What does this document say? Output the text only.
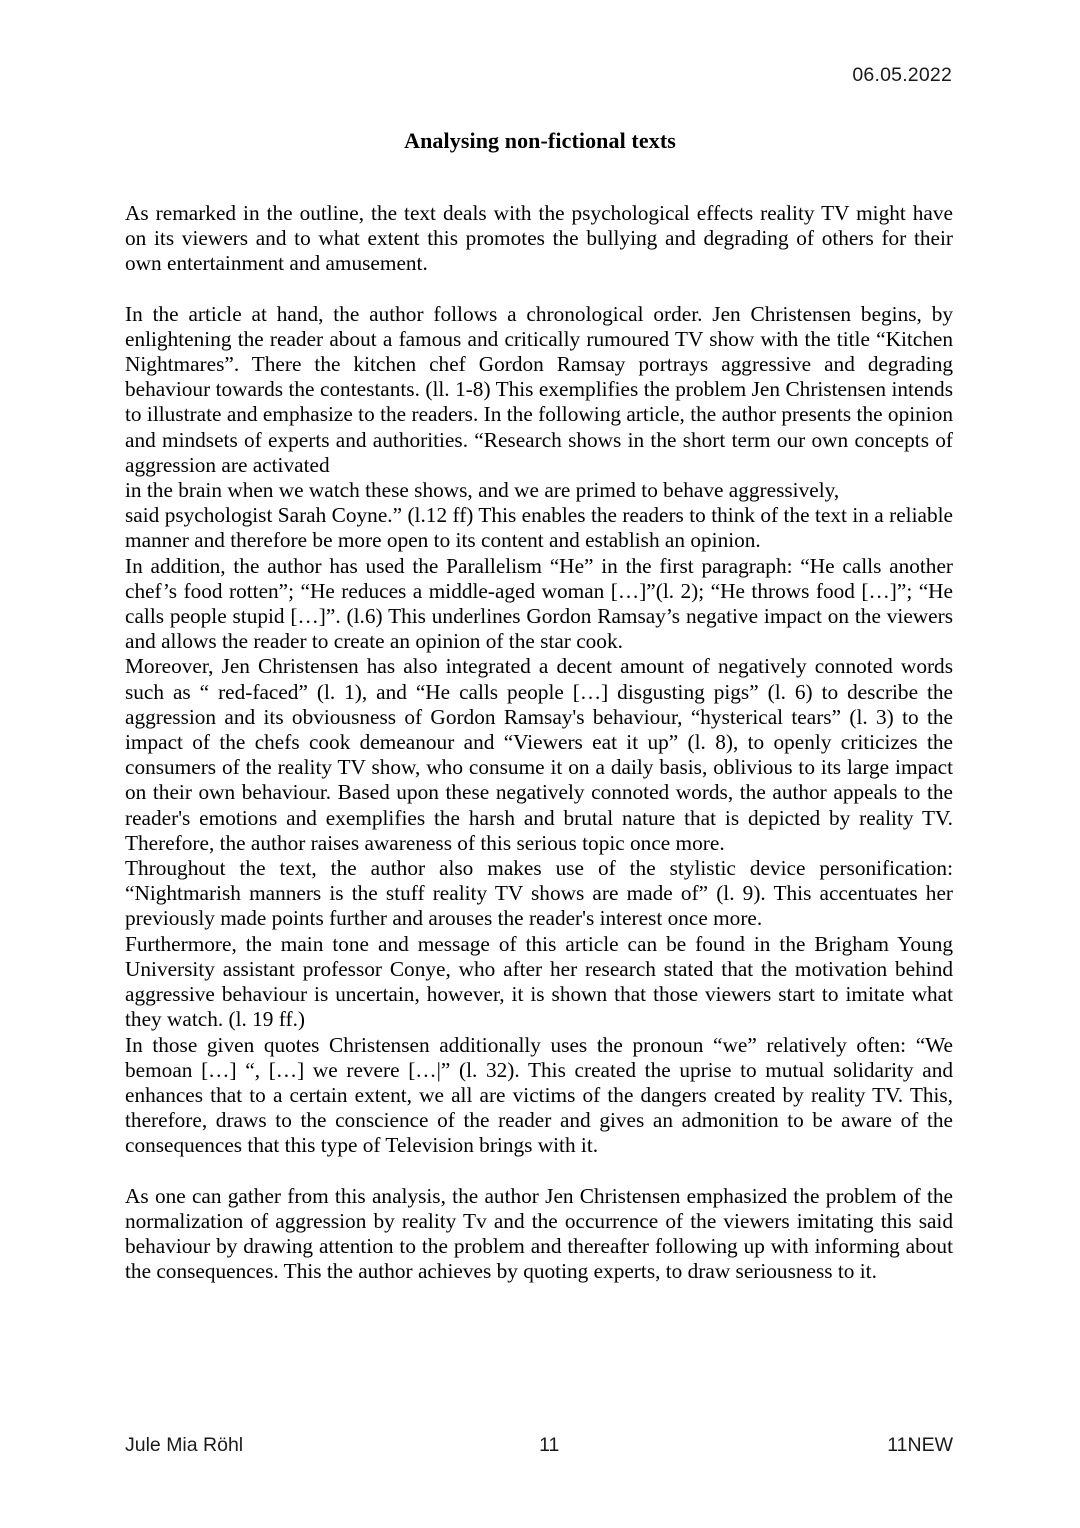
06.05.2022
Analysing non-fictional texts

As remarked in the outline, the text deals with the psychological effects reality TV might have on its viewers and to what extent this promotes the bullying and degrading of others for their own entertainment and amusement.

In the article at hand, the author follows a chronological order. Jen Christensen begins, by enlightening the reader about a famous and critically rumoured TV show with the title “Kitchen Nightmares”. There the kitchen chef Gordon Ramsay portrays aggressive and degrading behaviour towards the contestants. (ll. 1-8) This exemplifies the problem Jen Christensen intends to illustrate and emphasize to the readers. In the following article, the author presents the opinion and mindsets of experts and authorities. “Research shows in the short term our own concepts of aggression are activated

in the brain when we watch these shows, and we are primed to behave aggressively,

said psychologist Sarah Coyne.” (l.12 ff) This enables the readers to think of the text in a reliable manner and therefore be more open to its content and establish an opinion.

In addition, the author has used the Parallelism “He” in the first paragraph: “He calls another chef’s food rotten”; “He reduces a middle-aged woman […]”(l. 2); “He throws food […]”; “He calls people stupid […]”. (l.6) This underlines Gordon Ramsay’s negative impact on the viewers and allows the reader to create an opinion of the star cook.

Moreover, Jen Christensen has also integrated a decent amount of negatively connoted words such as “ red-faced” (l. 1), and “He calls people […] disgusting pigs” (l. 6) to describe the aggression and its obviousness of Gordon Ramsay's behaviour, “hysterical tears” (l. 3) to the impact of the chefs cook demeanour and “Viewers eat it up” (l. 8), to openly criticizes the consumers of the reality TV show, who consume it on a daily basis, oblivious to its large impact on their own behaviour. Based upon these negatively connoted words, the author appeals to the reader's emotions and exemplifies the harsh and brutal nature that is depicted by reality TV. Therefore, the author raises awareness of this serious topic once more.

Throughout the text, the author also makes use of the stylistic device personification: “Nightmarish manners is the stuff reality TV shows are made of” (l. 9). This accentuates her previously made points further and arouses the reader's interest once more.

Furthermore, the main tone and message of this article can be found in the Brigham Young University assistant professor Conye, who after her research stated that the motivation behind aggressive behaviour is uncertain, however, it is shown that those viewers start to imitate what they watch. (l. 19 ff.)

In those given quotes Christensen additionally uses the pronoun “we” relatively often: “We bemoan […] “, […] we revere […|” (l. 32). This created the uprise to mutual solidarity and enhances that to a certain extent, we all are victims of the dangers created by reality TV. This, therefore, draws to the conscience of the reader and gives an admonition to be aware of the consequences that this type of Television brings with it.

As one can gather from this analysis, the author Jen Christensen emphasized the problem of the normalization of aggression by reality Tv and the occurrence of the viewers imitating this said behaviour by drawing attention to the problem and thereafter following up with informing about the consequences. This the author achieves by quoting experts, to draw seriousness to it.

Jule Mia Röhl	11	11NEW
